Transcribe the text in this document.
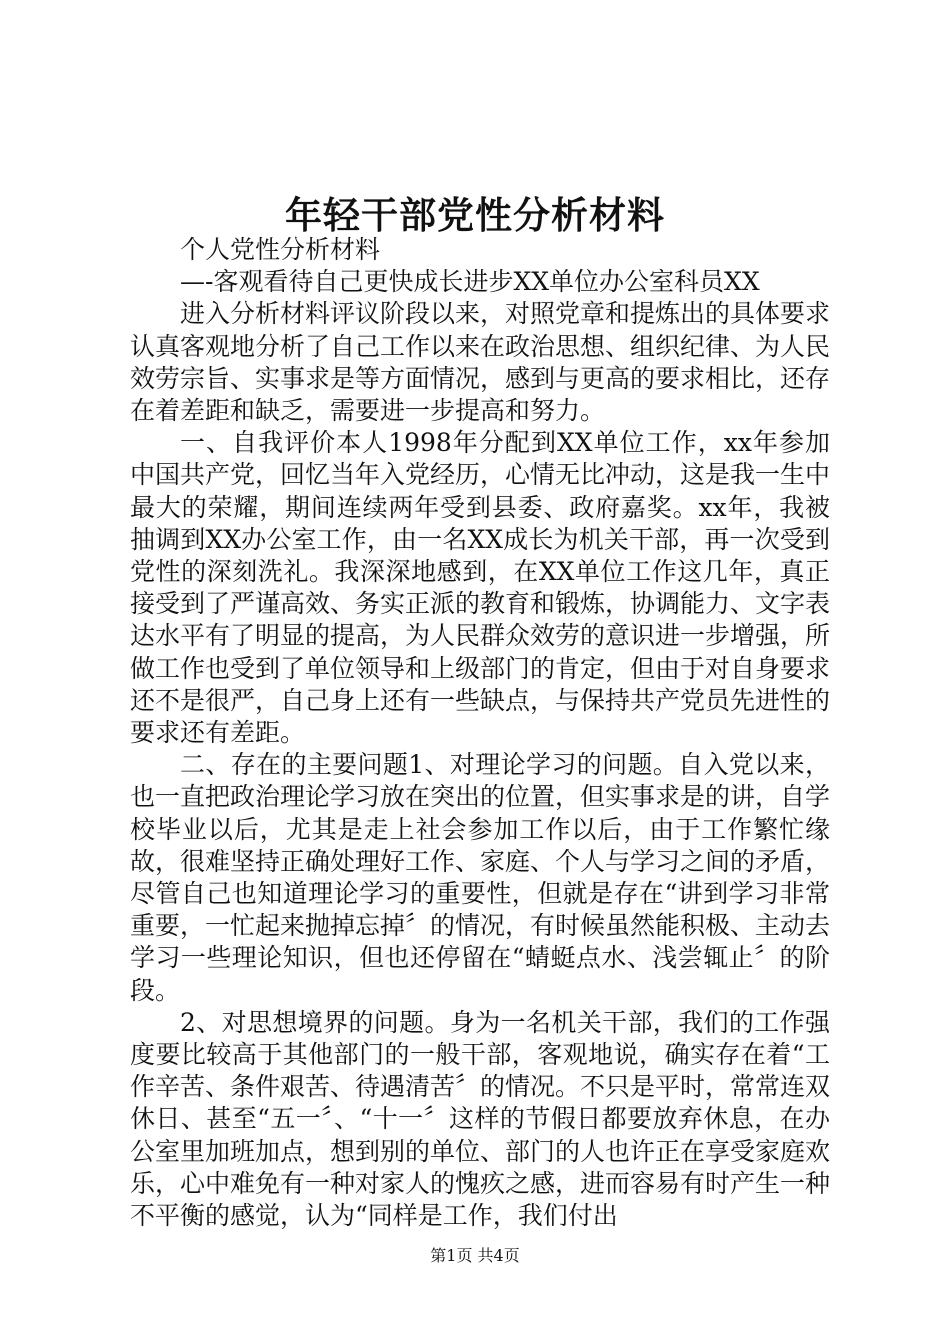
年轻干部党性分析材料

个人党性分析材料

—-客观看待自己更快成长进步XX单位办公室科员XX

进入分析材料评议阶段以来，对照党章和提炼出的具体要求认真客观地分析了自己工作以来在政治思想、组织纪律、为人民效劳宗旨、实事求是等方面情况，感到与更高的要求相比，还存在着差距和缺乏，需要进一步提高和努力。

一、自我评价本人1998年分配到XX单位工作，xx年参加中国共产党，回忆当年入党经历，心情无比冲动，这是我一生中最大的荣耀，期间连续两年受到县委、政府嘉奖。xx年，我被抽调到XX办公室工作，由一名XX成长为机关干部，再一次受到党性的深刻洗礼。我深深地感到，在XX单位工作这几年，真正接受到了严谨高效、务实正派的教育和锻炼，协调能力、文字表达水平有了明显的提高，为人民群众效劳的意识进一步增强，所做工作也受到了单位领导和上级部门的肯定，但由于对自身要求还不是很严，自己身上还有一些缺点，与保持共产党员先进性的要求还有差距。

二、存在的主要问题1、对理论学习的问题。自入党以来，也一直把政治理论学习放在突出的位置，但实事求是的讲，自学校毕业以后，尤其是走上社会参加工作以后，由于工作繁忙缘故，很难坚持正确处理好工作、家庭、个人与学习之间的矛盾，尽管自己也知道理论学习的重要性，但就是存在“讲到学习非常重要，一忙起来抛掉忘掉〞的情况，有时候虽然能积极、主动去学习一些理论知识，但也还停留在“蜻蜓点水、浅尝辄止〞的阶段。

2、对思想境界的问题。身为一名机关干部，我们的工作强度要比较高于其他部门的一般干部，客观地说，确实存在着“工作辛苦、条件艰苦、待遇清苦〞的情况。不只是平时，常常连双休日、甚至“五一〞、“十一〞这样的节假日都要放弃休息，在办公室里加班加点，想到别的单位、部门的人也许正在享受家庭欢乐，心中难免有一种对家人的愧疚之感，进而容易有时产生一种不平衡的感觉，认为“同样是工作，我们付出

第1页 共4页
